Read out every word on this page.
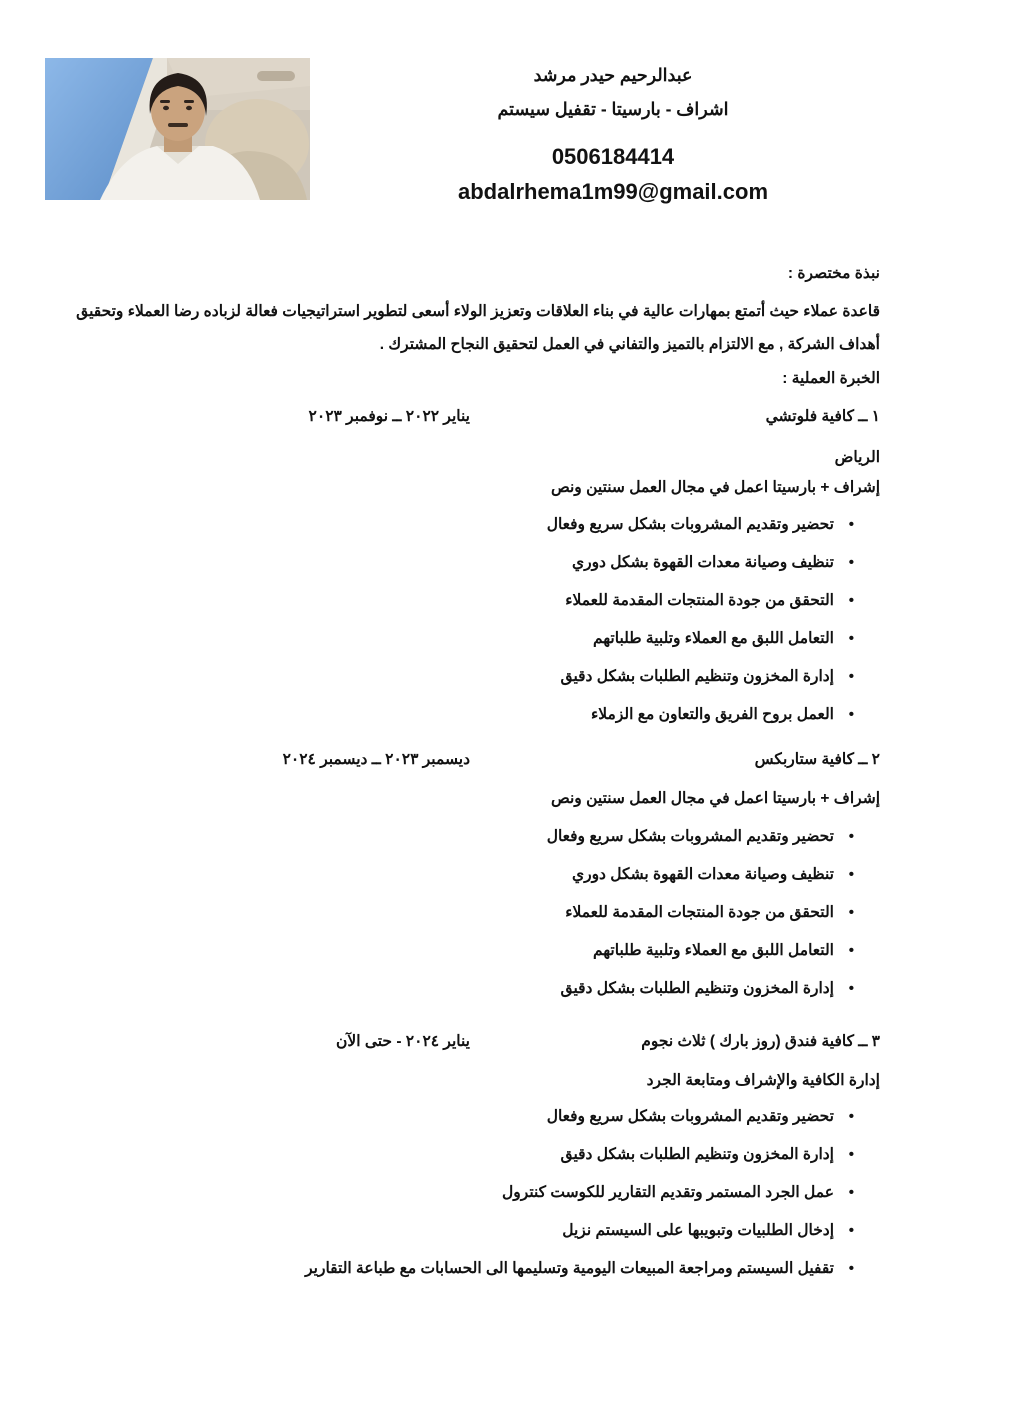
عبدالرحيم حيدر مرشد
اشراف - بارسيتا - تقفيل سيستم
0506184414
abdalrhema1m99@gmail.com
نبذة مختصرة :

قاعدة عملاء حيث أتمتع بمهارات عالية في بناء العلاقات وتعزيز الولاء أسعى لتطوير استراتيجيات فعالة لزباده رضا العملاء وتحقيق أهداف الشركة , مع الالتزام بالتميز والتفاني في العمل لتحقيق النجاح المشترك .

الخبرة العملية :
١ ــ كافية فلوتشي
يناير ٢٠٢٢ ــ نوفمبر ٢٠٢٣
الرياض
إشراف + بارسيتا اعمل في مجال العمل سنتين ونص
• تحضير وتقديم المشروبات بشكل سريع وفعال
• تنظيف وصيانة معدات القهوة بشكل دوري
• التحقق من جودة المنتجات المقدمة للعملاء
• التعامل اللبق مع العملاء وتلبية طلباتهم
• إدارة المخزون وتنظيم الطلبات بشكل دقيق
• العمل بروح الفريق والتعاون مع الزملاء
٢ ــ كافية ستاربكس
ديسمبر ٢٠٢٣ ــ ديسمبر ٢٠٢٤
إشراف + بارسيتا اعمل في مجال العمل سنتين ونص
• تحضير وتقديم المشروبات بشكل سريع وفعال
• تنظيف وصيانة معدات القهوة بشكل دوري
• التحقق من جودة المنتجات المقدمة للعملاء
• التعامل اللبق مع العملاء وتلبية طلباتهم
• إدارة المخزون وتنظيم الطلبات بشكل دقيق
٣ ــ كافية فندق (روز بارك ) ثلاث نجوم
يناير ٢٠٢٤ - حتى الآن
إدارة الكافية والإشراف ومتابعة الجرد
• تحضير وتقديم المشروبات بشكل سريع وفعال
• إدارة المخزون وتنظيم الطلبات بشكل دقيق
• عمل الجرد المستمر وتقديم التقارير للكوست كنترول
• إدخال الطلبيات وتبويبها على السيستم نزيل
• تقفيل السيستم ومراجعة المبيعات اليومية وتسليمها الى الحسابات مع طباعة التقارير
